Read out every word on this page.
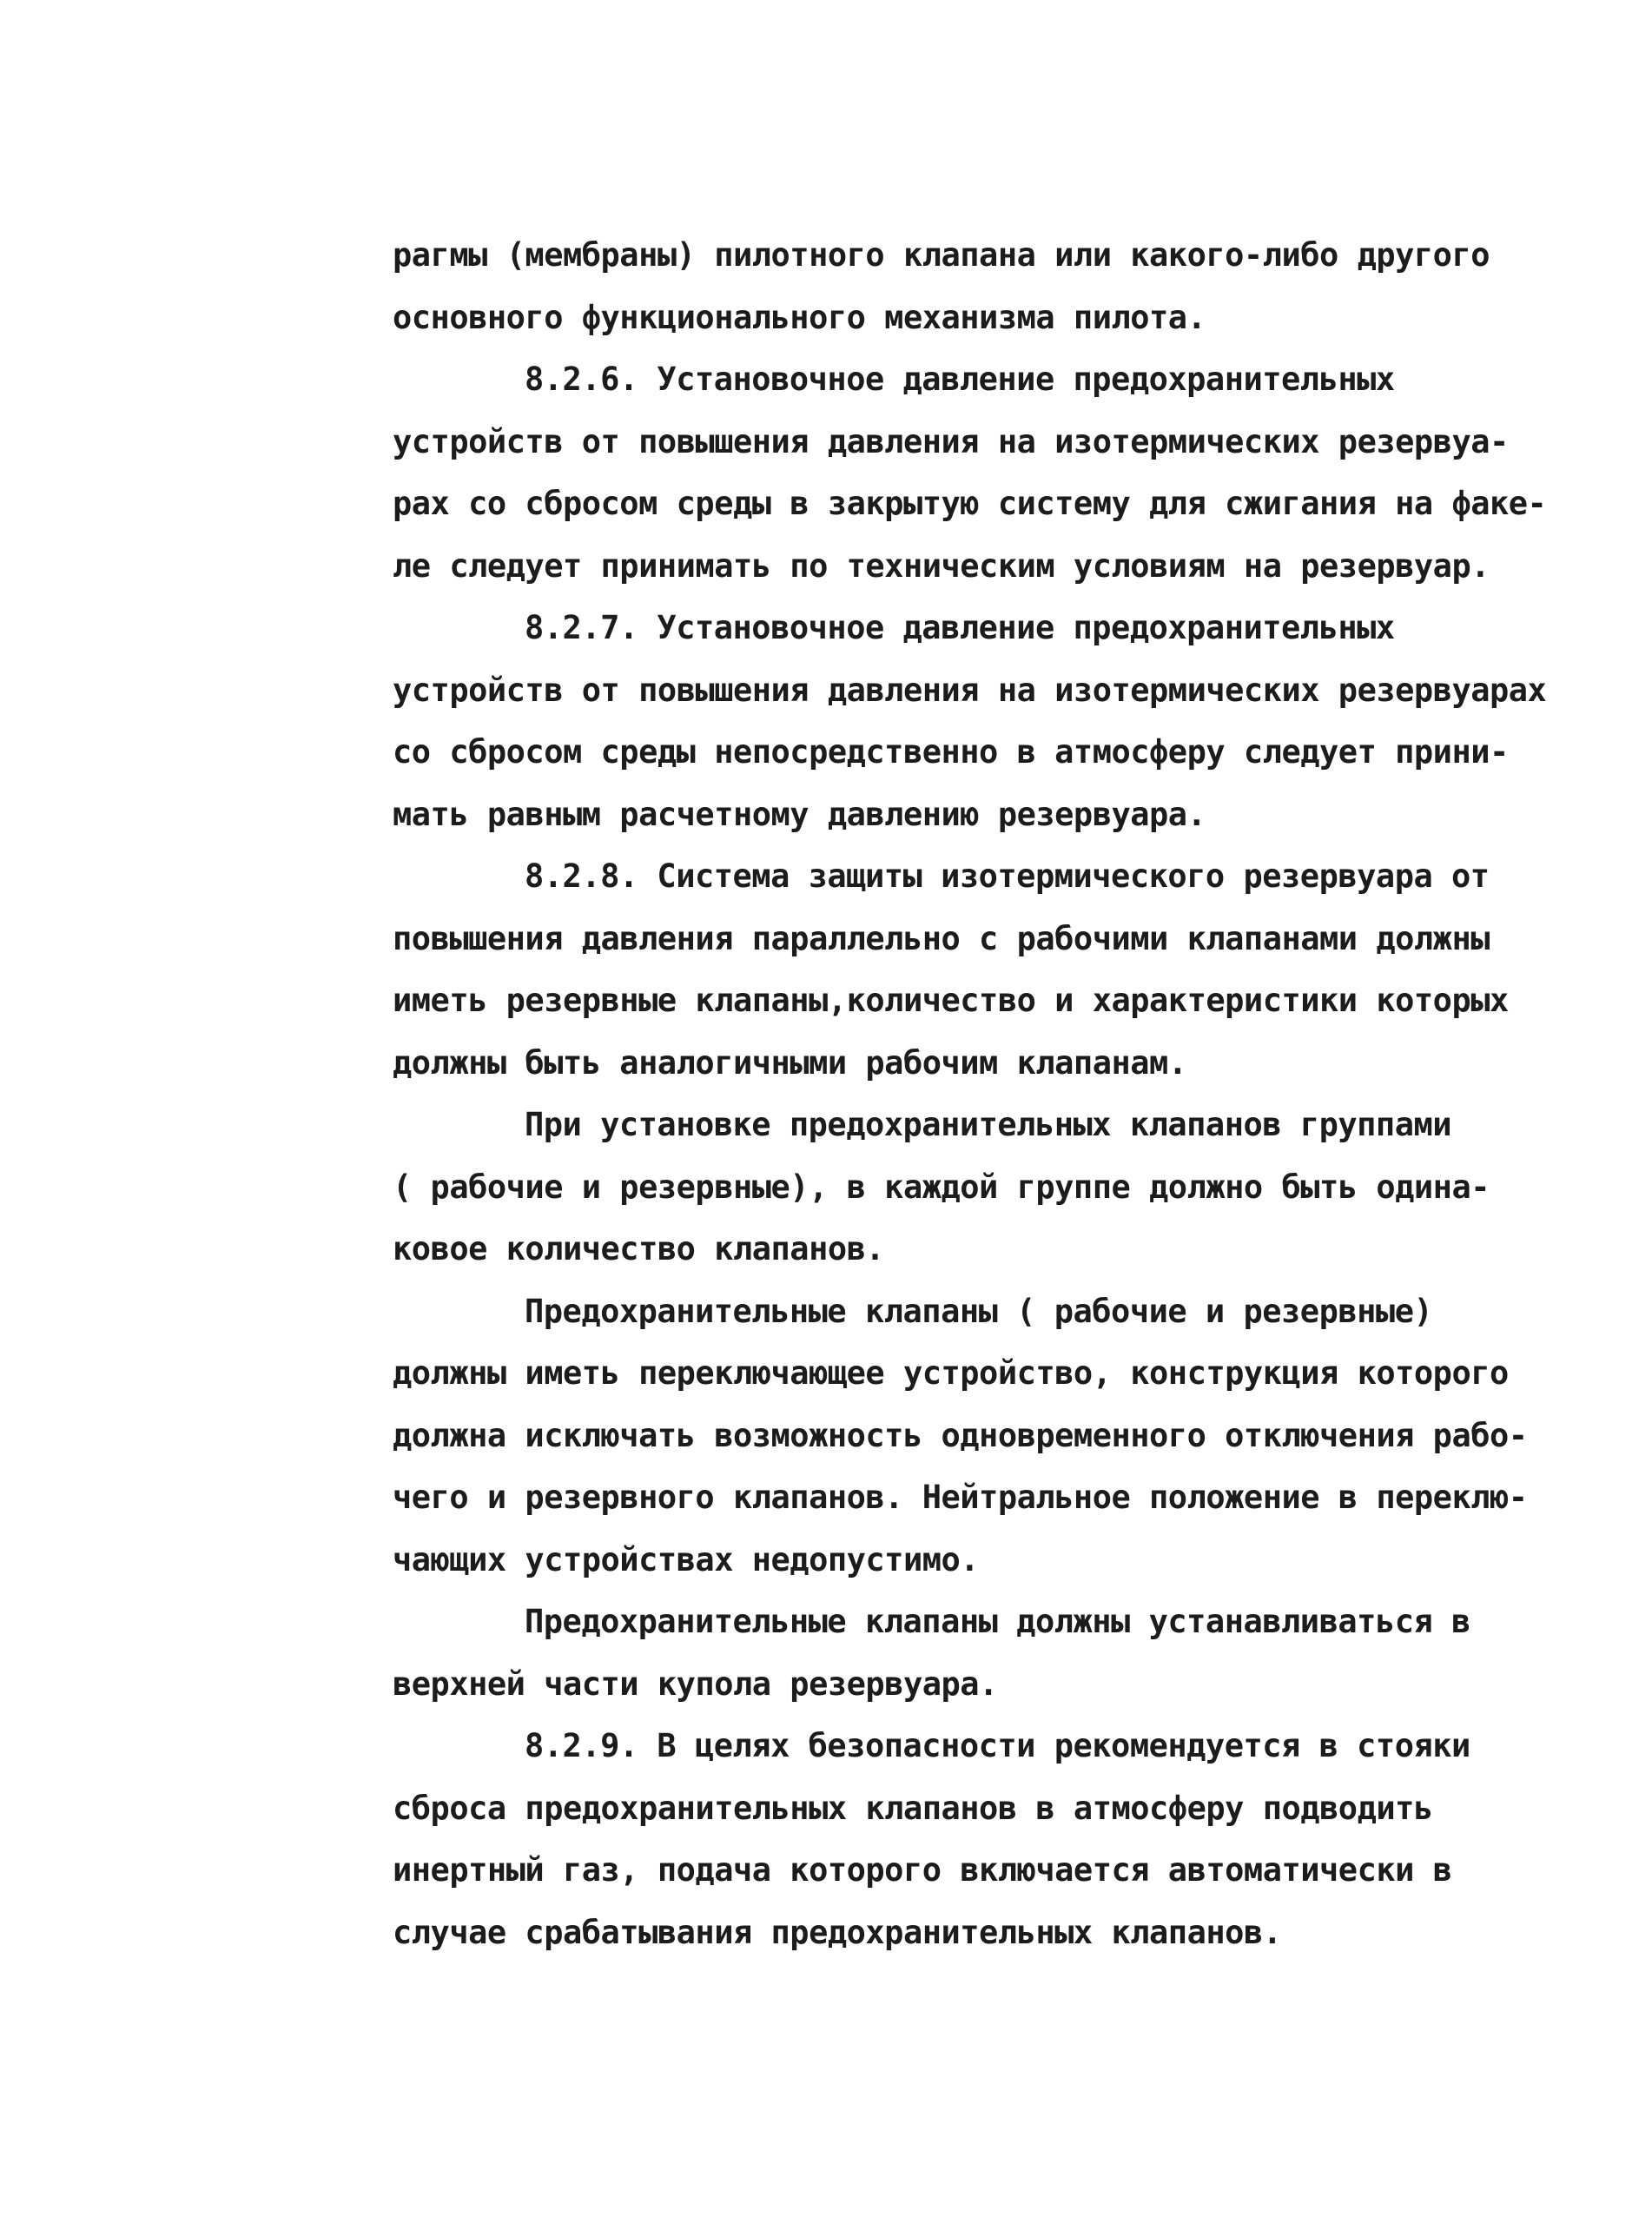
рагмы (мембраны) пилотного клапана или какого-либо другого
основного функционального механизма пилота.
8.2.6. Установочное давление предохранительных
устройств от повышения давления на изотермических резервуа-
рах со сбросом среды в закрытую систему для сжигания на факе-
ле следует принимать по техническим условиям на резервуар.
8.2.7. Установочное давление предохранительных
устройств от повышения давления на изотермических резервуарах
со сбросом среды непосредственно в атмосферу следует прини-
мать равным расчетному давлению резервуара.
8.2.8. Система защиты изотермического резервуара от
повышения давления параллельно с рабочими клапанами должны
иметь резервные клапаны,количество и характеристики которых
должны быть аналогичными рабочим клапанам.
При установке предохранительных клапанов группами
( рабочие и резервные), в каждой группе должно быть одина-
ковое количество клапанов.
Предохранительные клапаны ( рабочие и резервные)
должны иметь переключающее устройство, конструкция которого
должна исключать возможность одновременного отключения рабо-
чего и резервного клапанов. Нейтральное положение в переклю-
чающих устройствах недопустимо.
Предохранительные клапаны должны устанавливаться в
верхней части купола резервуара.
8.2.9. В целях безопасности рекомендуется в стояки
сброса предохранительных клапанов в атмосферу подводить
инертный газ, подача которого включается автоматически в
случае срабатывания предохранительных клапанов.
